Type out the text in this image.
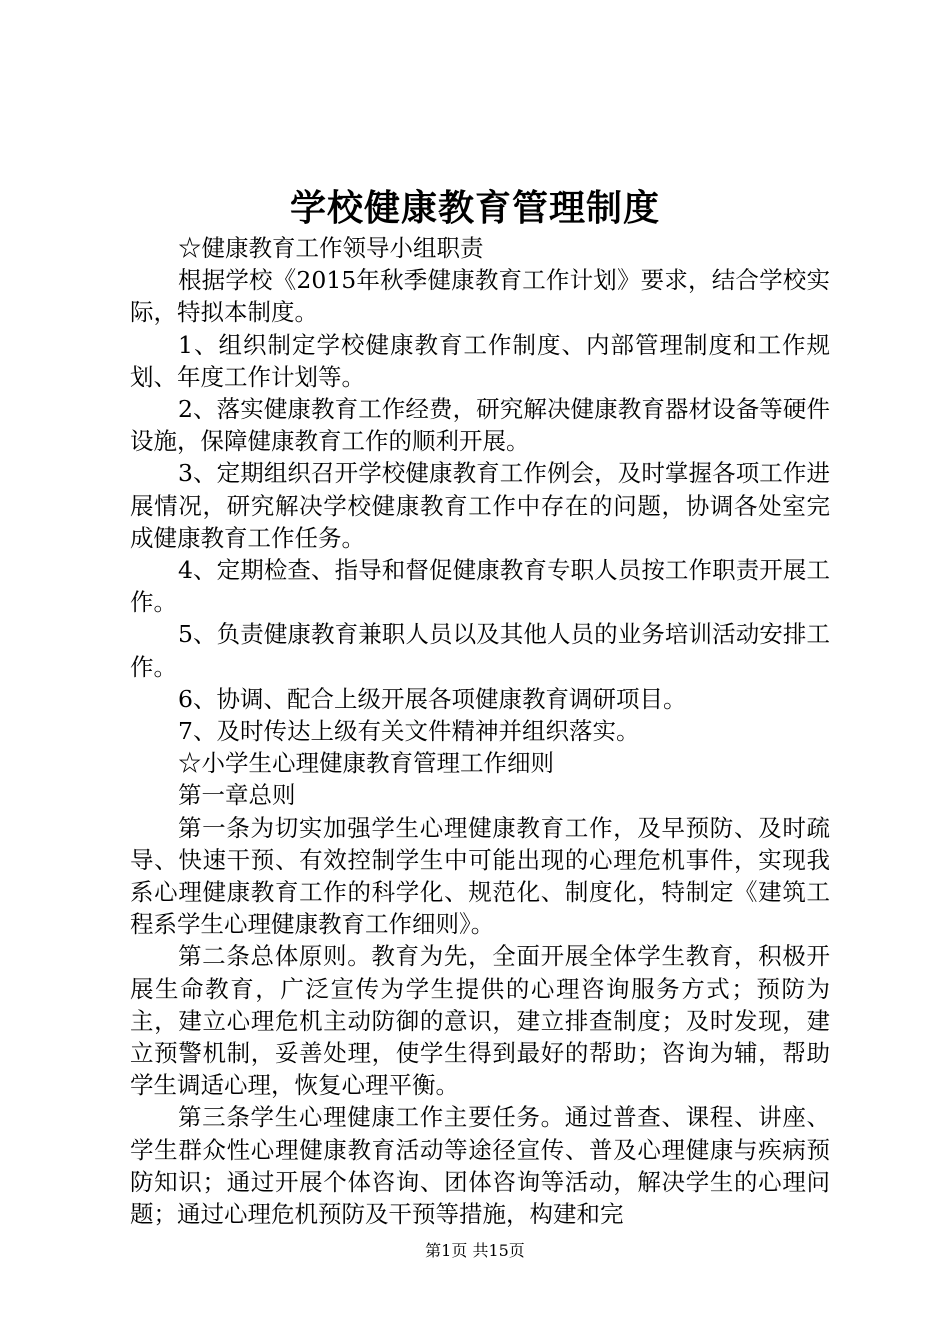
学校健康教育管理制度

☆健康教育工作领导小组职责

根据学校《2015年秋季健康教育工作计划》要求，结合学校实际，特拟本制度。

1、组织制定学校健康教育工作制度、内部管理制度和工作规划、年度工作计划等。

2、落实健康教育工作经费，研究解决健康教育器材设备等硬件设施，保障健康教育工作的顺利开展。

3、定期组织召开学校健康教育工作例会，及时掌握各项工作进展情况，研究解决学校健康教育工作中存在的问题，协调各处室完成健康教育工作任务。

4、定期检查、指导和督促健康教育专职人员按工作职责开展工作。

5、负责健康教育兼职人员以及其他人员的业务培训活动安排工作。

6、协调、配合上级开展各项健康教育调研项目。

7、及时传达上级有关文件精神并组织落实。

☆小学生心理健康教育管理工作细则

第一章总则

第一条为切实加强学生心理健康教育工作，及早预防、及时疏导、快速干预、有效控制学生中可能出现的心理危机事件，实现我系心理健康教育工作的科学化、规范化、制度化，特制定《建筑工程系学生心理健康教育工作细则》。

第二条总体原则。教育为先，全面开展全体学生教育，积极开展生命教育，广泛宣传为学生提供的心理咨询服务方式；预防为主，建立心理危机主动防御的意识，建立排查制度；及时发现，建立预警机制，妥善处理，使学生得到最好的帮助；咨询为辅，帮助学生调适心理，恢复心理平衡。

第三条学生心理健康工作主要任务。通过普查、课程、讲座、学生群众性心理健康教育活动等途径宣传、普及心理健康与疾病预防知识；通过开展个体咨询、团体咨询等活动，解决学生的心理问题；通过心理危机预防及干预等措施，构建和完

第1页 共15页
